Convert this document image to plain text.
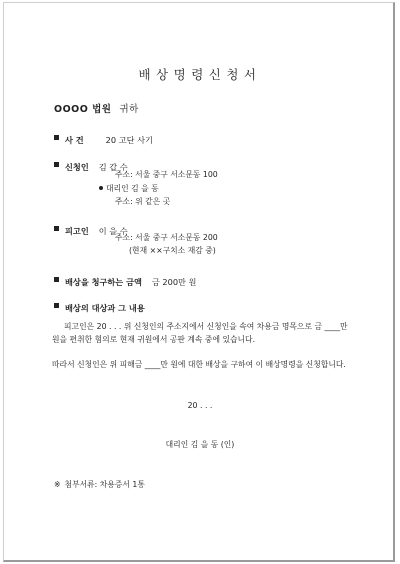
배상명령신청서
OOOO 법원 귀하
사 건	20 고단 사기
신청인 김 갑 수
주소: 서울 중구 서소문동 100
대리인 김 을 동
주소: 위 같은 곳
피고인 이 을 수
주소: 서울 중구 서소문동 200
(현재 ××구치소 재감 중)
배상을 청구하는 금액 금 200만 원
배상의 대상과 그 내용
피고인은 20 . . . 위 신청인의 주소지에서 신청인을 속여 차용금 명목으로 금 ____만 원을 편취한 혐의로 현재 귀원에서 공판 계속 중에 있습니다.
따라서 신청인은 위 피해금 ____만 원에 대한 배상을 구하여 이 배상명령을 신청합니다.
20 . . .
대리인 김 을 동 (인)
※ 첨부서류: 차용증서 1통
